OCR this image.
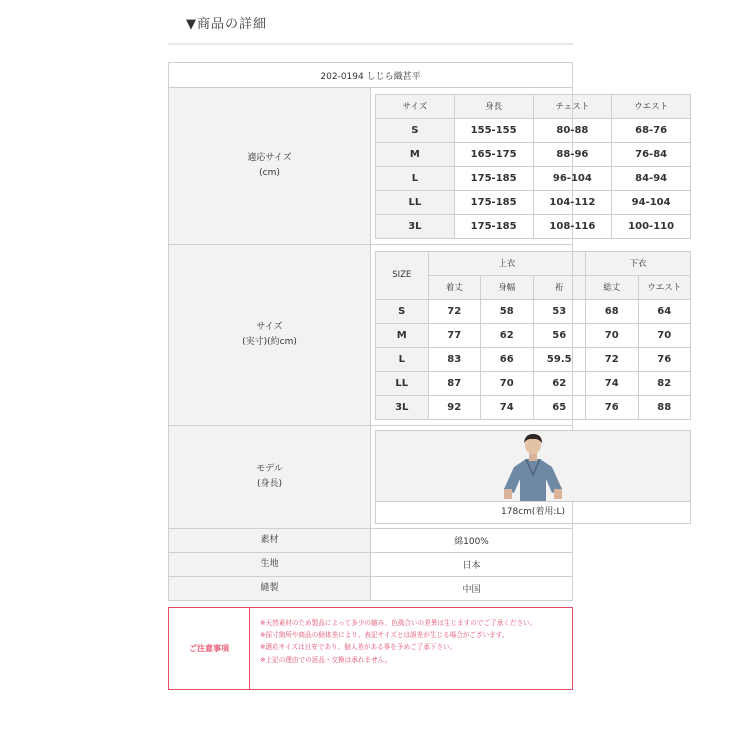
▼商品の詳細
202-0194 しじら織甚平
適応サイズ
(cm)	
サイズ	身長	チェスト	ウエスト
S	155-155	80-88	68-76
M	165-175	88-96	76-84
L	175-185	96-104	84-94
LL	175-185	104-112	94-104
3L	175-185	108-116	100-110

サイズ
(実寸)(約cm)	
SIZE	上衣	下衣
着丈	身幅	裄	総丈	ウエスト
S	72	58	53	68	64
M	77	62	56	70	70
L	83	66	59.5	72	76
LL	87	70	62	74	82
3L	92	74	65	76	88

モデル
(身長)	
178cm(着用:L)

素材	綿100%
生地	日本
縫製	中国
ご注意事項
※天然素材のため製品によって多少の縮み、色風合いの差異は生じますのでご了承ください。
※採寸箇所や商品の個体差により、表記サイズとは誤差が生じる場合がございます。
※適応サイズは目安であり、個人差がある事を予めご了承下さい。
※上記の理由での返品・交換は承れません。
